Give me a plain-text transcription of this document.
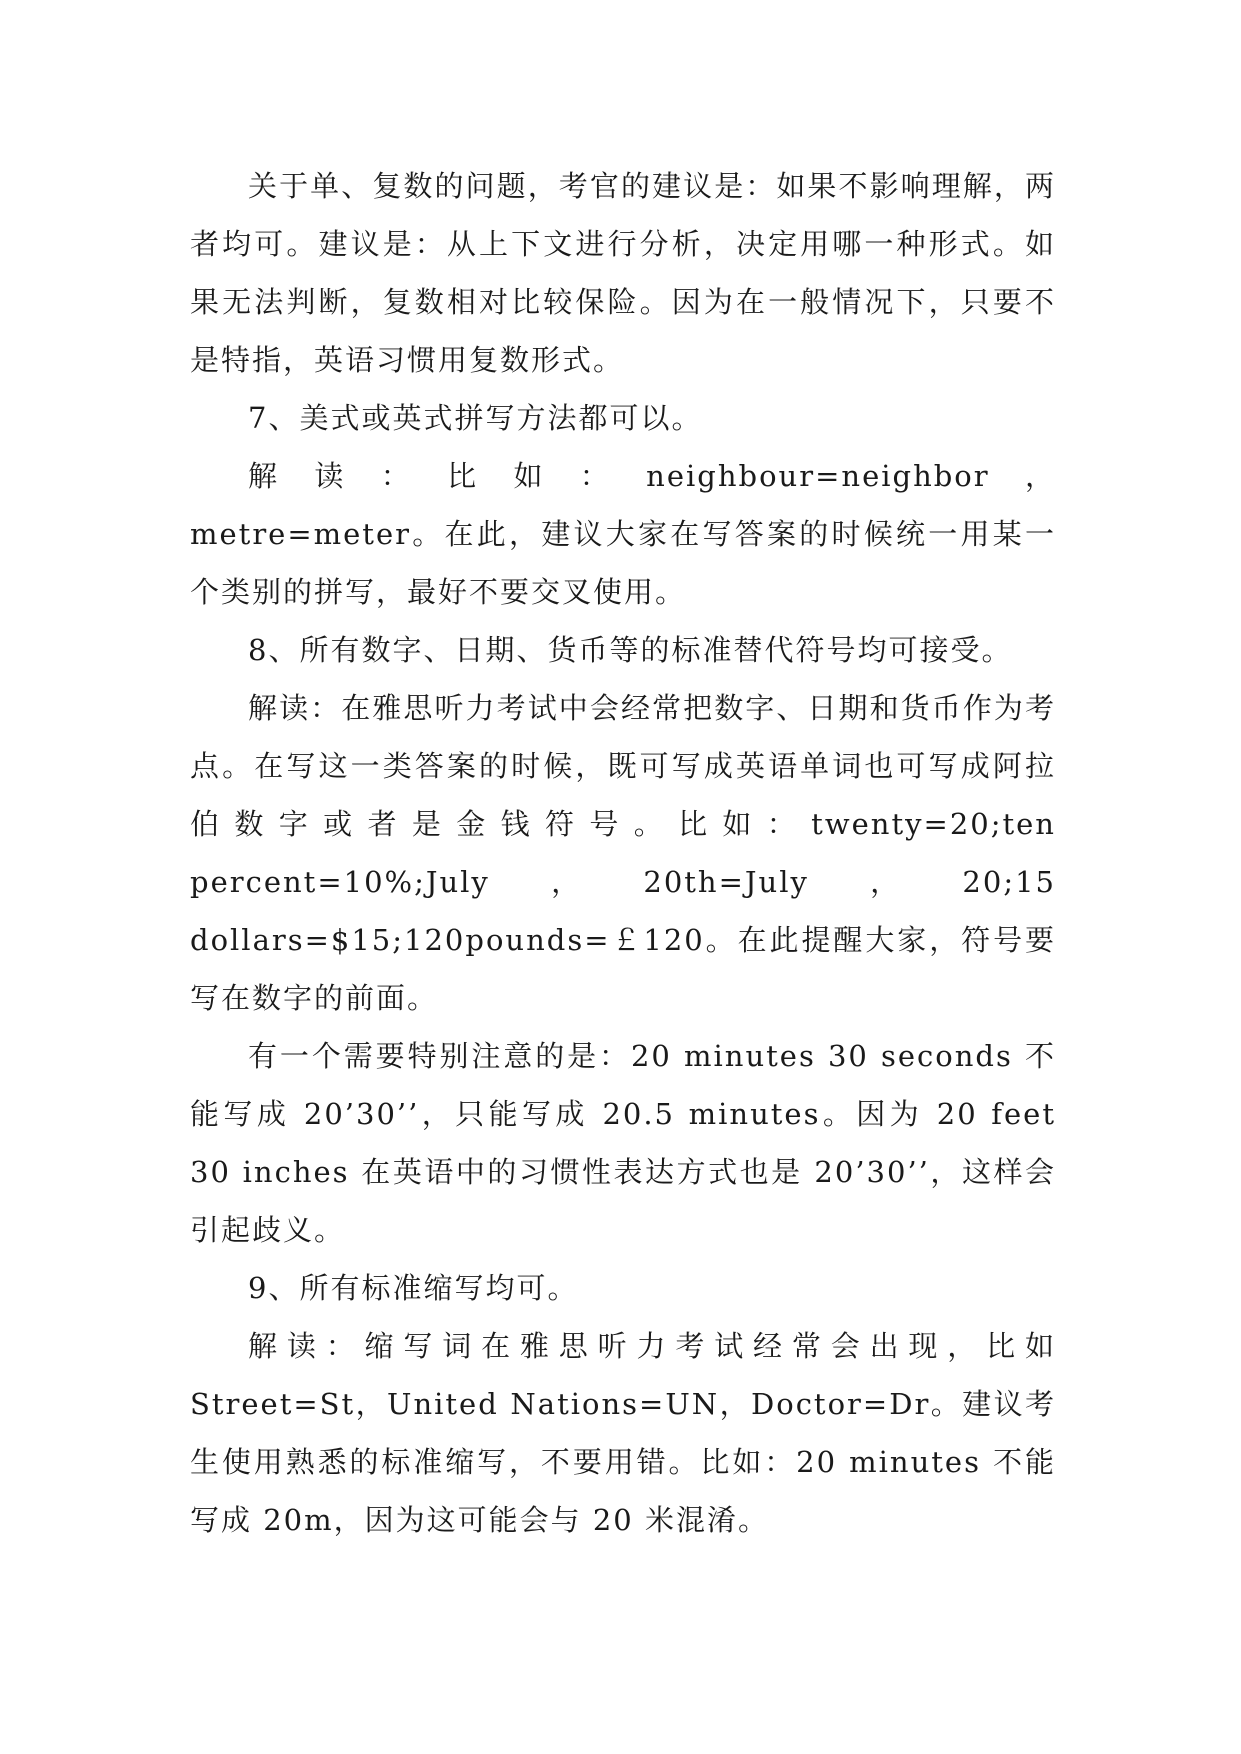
关于单、复数的问题，考官的建议是：如果不影响理解，两者均可。建议是：从上下文进行分析，决定用哪一种形式。如果无法判断，复数相对比较保险。因为在一般情况下，只要不是特指，英语习惯用复数形式。

7、美式或英式拼写方法都可以。

解读：比如：neighbour=neighbor，metre=meter。在此，建议大家在写答案的时候统一用某一个类别的拼写，最好不要交叉使用。

8、所有数字、日期、货币等的标准替代符号均可接受。

解读：在雅思听力考试中会经常把数字、日期和货币作为考点。在写这一类答案的时候，既可写成英语单词也可写成阿拉伯数字或者是金钱符号。比如：twenty=20;ten percent=10%;July，20th=July，20;15 dollars=$15;120pounds=￡120。在此提醒大家，符号要写在数字的前面。

有一个需要特别注意的是：20 minutes 30 seconds 不能写成 20’30’’，只能写成 20.5 minutes。因为 20 feet 30 inches 在英语中的习惯性表达方式也是 20’30’’，这样会引起歧义。

9、所有标准缩写均可。

解读：缩写词在雅思听力考试经常会出现，比如 Street=St，United Nations=UN，Doctor=Dr。建议考生使用熟悉的标准缩写，不要用错。比如：20 minutes 不能写成 20m，因为这可能会与 20 米混淆。
